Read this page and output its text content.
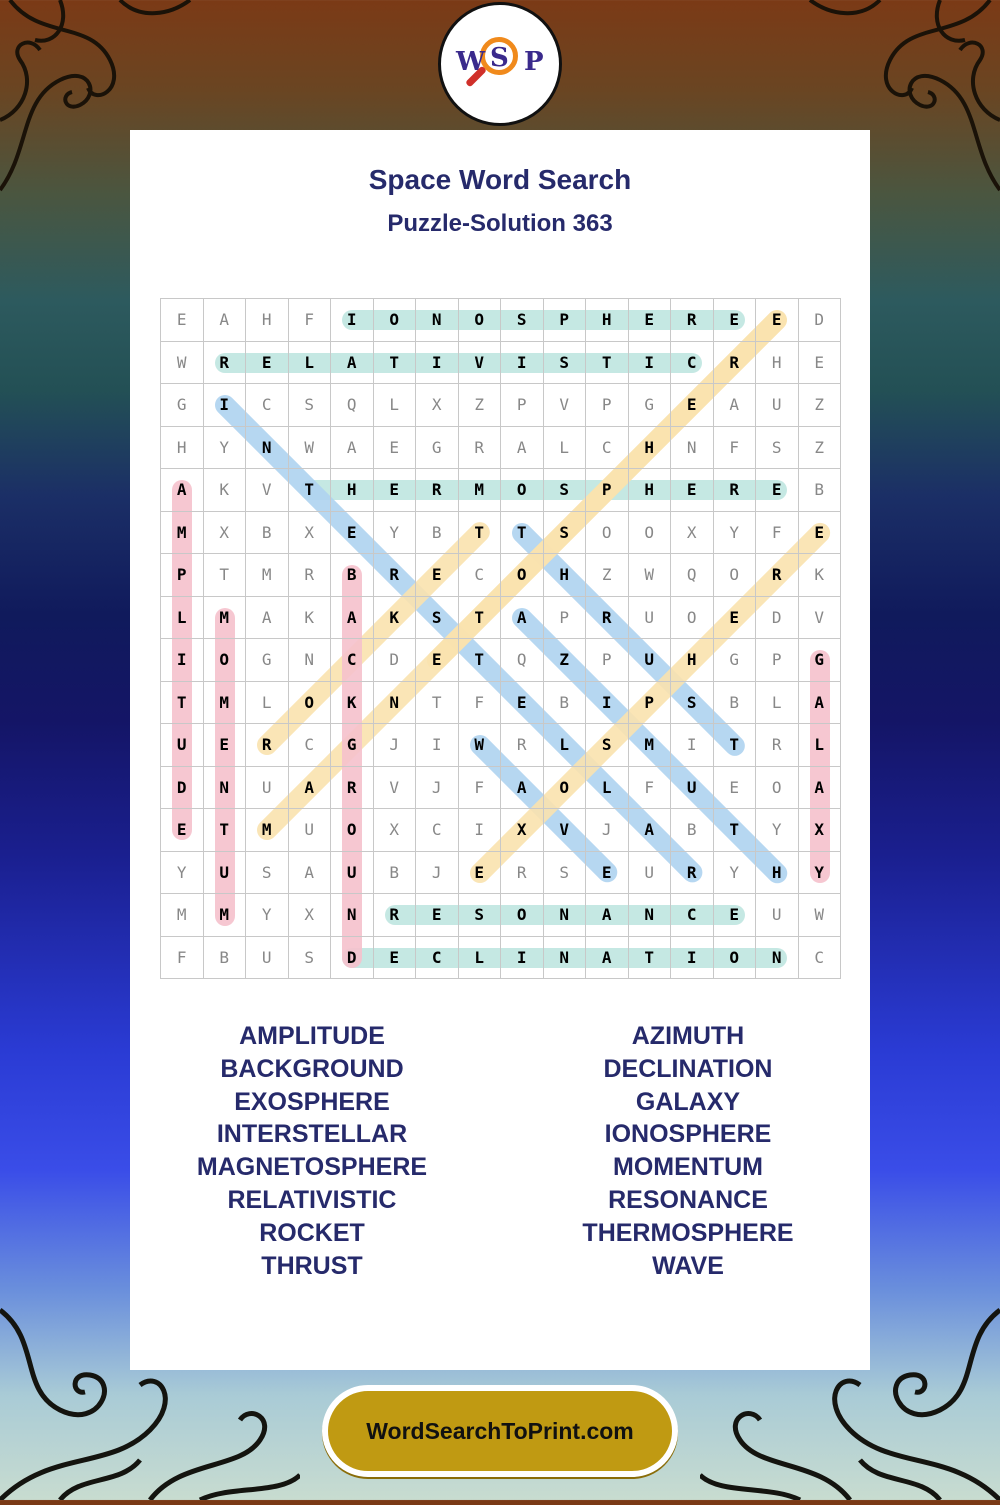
W S P
Space Word Search
Puzzle-Solution 363
E	A	H	F	I	O	N	O	S	P	H	E	R	E	E	D
W	R	E	L	A	T	I	V	I	S	T	I	C	R	H	E
G	I	C	S	Q	L	X	Z	P	V	P	G	E	A	U	Z
H	Y	N	W	A	E	G	R	A	L	C	H	N	F	S	Z
A	K	V	T	H	E	R	M	O	S	P	H	E	R	E	B
M	X	B	X	E	Y	B	T	T	S	O	O	X	Y	F	E
P	T	M	R	B	R	E	C	O	H	Z	W	Q	O	R	K
L	M	A	K	A	K	S	T	A	P	R	U	O	E	D	V
I	O	G	N	C	D	E	T	Q	Z	P	U	H	G	P	G
T	M	L	O	K	N	T	F	E	B	I	P	S	B	L	A
U	E	R	C	G	J	I	W	R	L	S	M	I	T	R	L
D	N	U	A	R	V	J	F	A	O	L	F	U	E	O	A
E	T	M	U	O	X	C	I	X	V	J	A	B	T	Y	X
Y	U	S	A	U	B	J	E	R	S	E	U	R	Y	H	Y
M	M	Y	X	N	R	E	S	O	N	A	N	C	E	U	W
F	B	U	S	D	E	C	L	I	N	A	T	I	O	N	C
AMPLITUDE
BACKGROUND
EXOSPHERE
INTERSTELLAR
MAGNETOSPHERE
RELATIVISTIC
ROCKET
THRUST
AZIMUTH
DECLINATION
GALAXY
IONOSPHERE
MOMENTUM
RESONANCE
THERMOSPHERE
WAVE
WordSearchToPrint.com
